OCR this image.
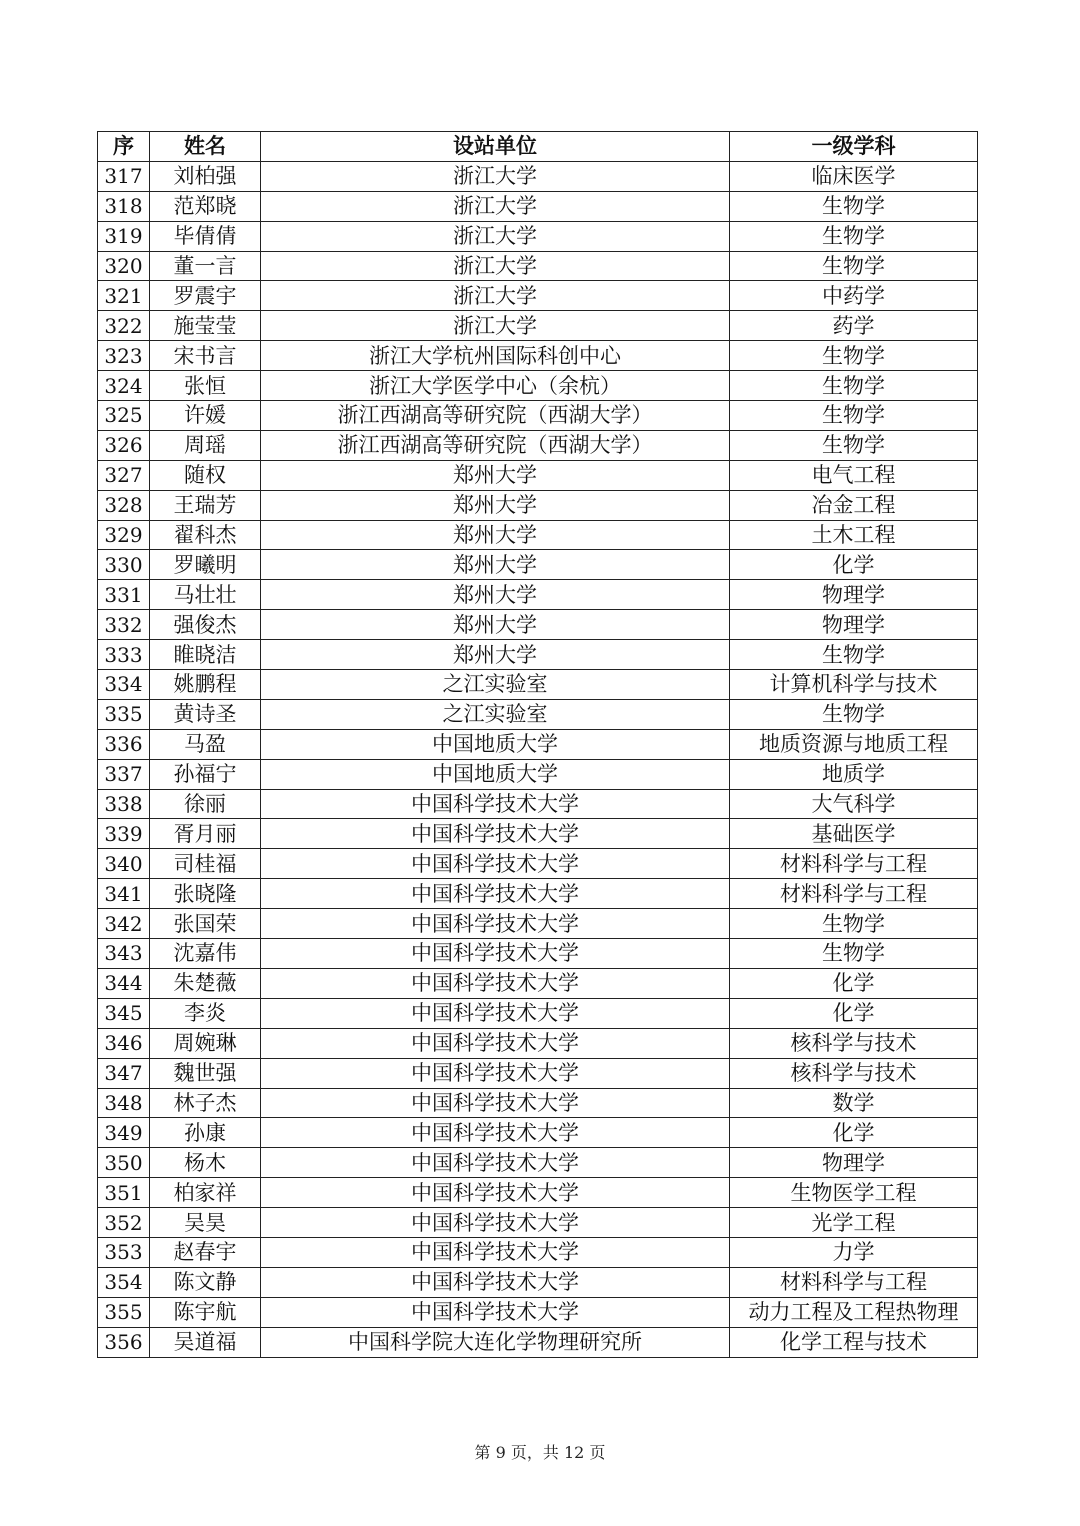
序	姓名	设站单位	一级学科
317	刘柏强	浙江大学	临床医学
318	范郑晓	浙江大学	生物学
319	毕倩倩	浙江大学	生物学
320	董一言	浙江大学	生物学
321	罗震宇	浙江大学	中药学
322	施莹莹	浙江大学	药学
323	宋书言	浙江大学杭州国际科创中心	生物学
324	张恒	浙江大学医学中心（余杭）	生物学
325	许媛	浙江西湖高等研究院（西湖大学）	生物学
326	周瑶	浙江西湖高等研究院（西湖大学）	生物学
327	随权	郑州大学	电气工程
328	王瑞芳	郑州大学	冶金工程
329	翟科杰	郑州大学	土木工程
330	罗曦明	郑州大学	化学
331	马壮壮	郑州大学	物理学
332	强俊杰	郑州大学	物理学
333	睢晓洁	郑州大学	生物学
334	姚鹏程	之江实验室	计算机科学与技术
335	黄诗圣	之江实验室	生物学
336	马盈	中国地质大学	地质资源与地质工程
337	孙福宁	中国地质大学	地质学
338	徐丽	中国科学技术大学	大气科学
339	胥月丽	中国科学技术大学	基础医学
340	司桂福	中国科学技术大学	材料科学与工程
341	张晓隆	中国科学技术大学	材料科学与工程
342	张国荣	中国科学技术大学	生物学
343	沈嘉伟	中国科学技术大学	生物学
344	朱楚薇	中国科学技术大学	化学
345	李炎	中国科学技术大学	化学
346	周婉琳	中国科学技术大学	核科学与技术
347	魏世强	中国科学技术大学	核科学与技术
348	林子杰	中国科学技术大学	数学
349	孙康	中国科学技术大学	化学
350	杨木	中国科学技术大学	物理学
351	柏家祥	中国科学技术大学	生物医学工程
352	吴昊	中国科学技术大学	光学工程
353	赵春宇	中国科学技术大学	力学
354	陈文静	中国科学技术大学	材料科学与工程
355	陈宇航	中国科学技术大学	动力工程及工程热物理
356	吴道福	中国科学院大连化学物理研究所	化学工程与技术
第 9 页，共 12 页
